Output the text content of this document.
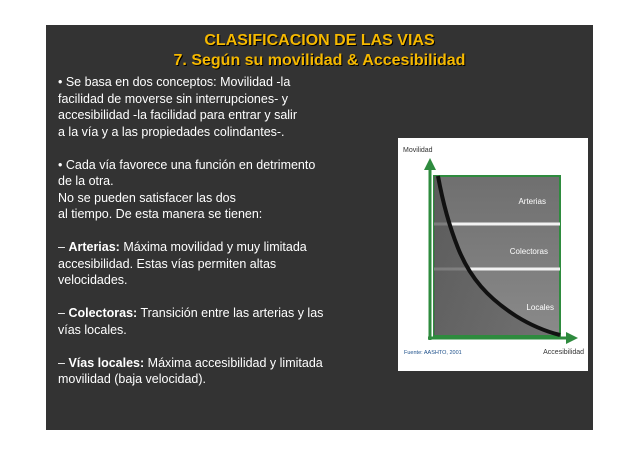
CLASIFICACION DE LAS VIAS
7. Según su movilidad & Accesibilidad
• Se basa en dos conceptos: Movilidad -la
facilidad de moverse sin interrupciones- y
accesibilidad -la facilidad para entrar y salir
a la vía y a las propiedades colindantes-.
• Cada vía favorece una función en detrimento
de la otra.
No se pueden satisfacer las dos
al tiempo. De esta manera se tienen:
– Arterias: Máxima movilidad y muy limitada
accesibilidad. Estas vías permiten altas
velocidades.
– Colectoras: Transición entre las arterias y las
vías locales.
– Vías locales: Máxima accesibilidad y limitada
movilidad (baja velocidad).
Movilidad
Arterias
Colectoras
Locales
Fuente: AASHTO, 2001	Accesibilidad
